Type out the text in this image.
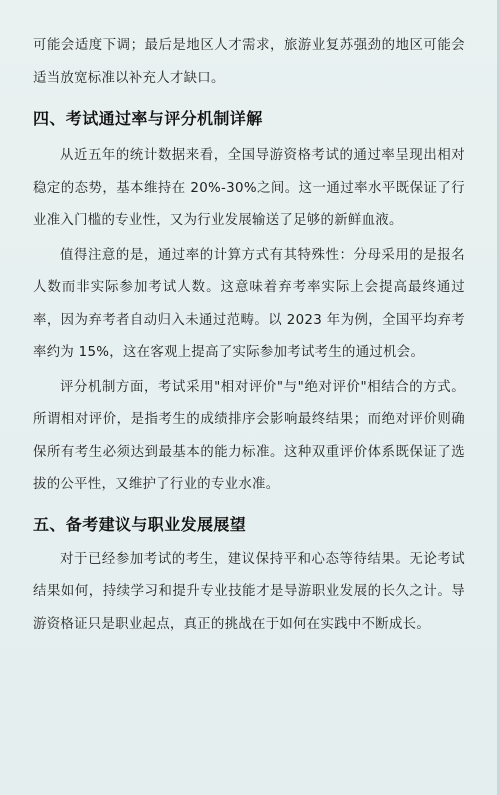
可能会适度下调；最后是地区人才需求，旅游业复苏强劲的地区可能会适当放宽标准以补充人才缺口。

四、考试通过率与评分机制详解

从近五年的统计数据来看，全国导游资格考试的通过率呈现出相对稳定的态势，基本维持在 20%-30%之间。这一通过率水平既保证了行业准入门槛的专业性，又为行业发展输送了足够的新鲜血液。

值得注意的是，通过率的计算方式有其特殊性：分母采用的是报名人数而非实际参加考试人数。这意味着弃考率实际上会提高最终通过率，因为弃考者自动归入未通过范畴。以 2023 年为例，全国平均弃考率约为 15%，这在客观上提高了实际参加考试考生的通过机会。

评分机制方面，考试采用"相对评价"与"绝对评价"相结合的方式。所谓相对评价，是指考生的成绩排序会影响最终结果；而绝对评价则确保所有考生必须达到最基本的能力标准。这种双重评价体系既保证了选拔的公平性，又维护了行业的专业水准。

五、备考建议与职业发展展望

对于已经参加考试的考生，建议保持平和心态等待结果。无论考试结果如何，持续学习和提升专业技能才是导游职业发展的长久之计。导游资格证只是职业起点，真正的挑战在于如何在实践中不断成长。
